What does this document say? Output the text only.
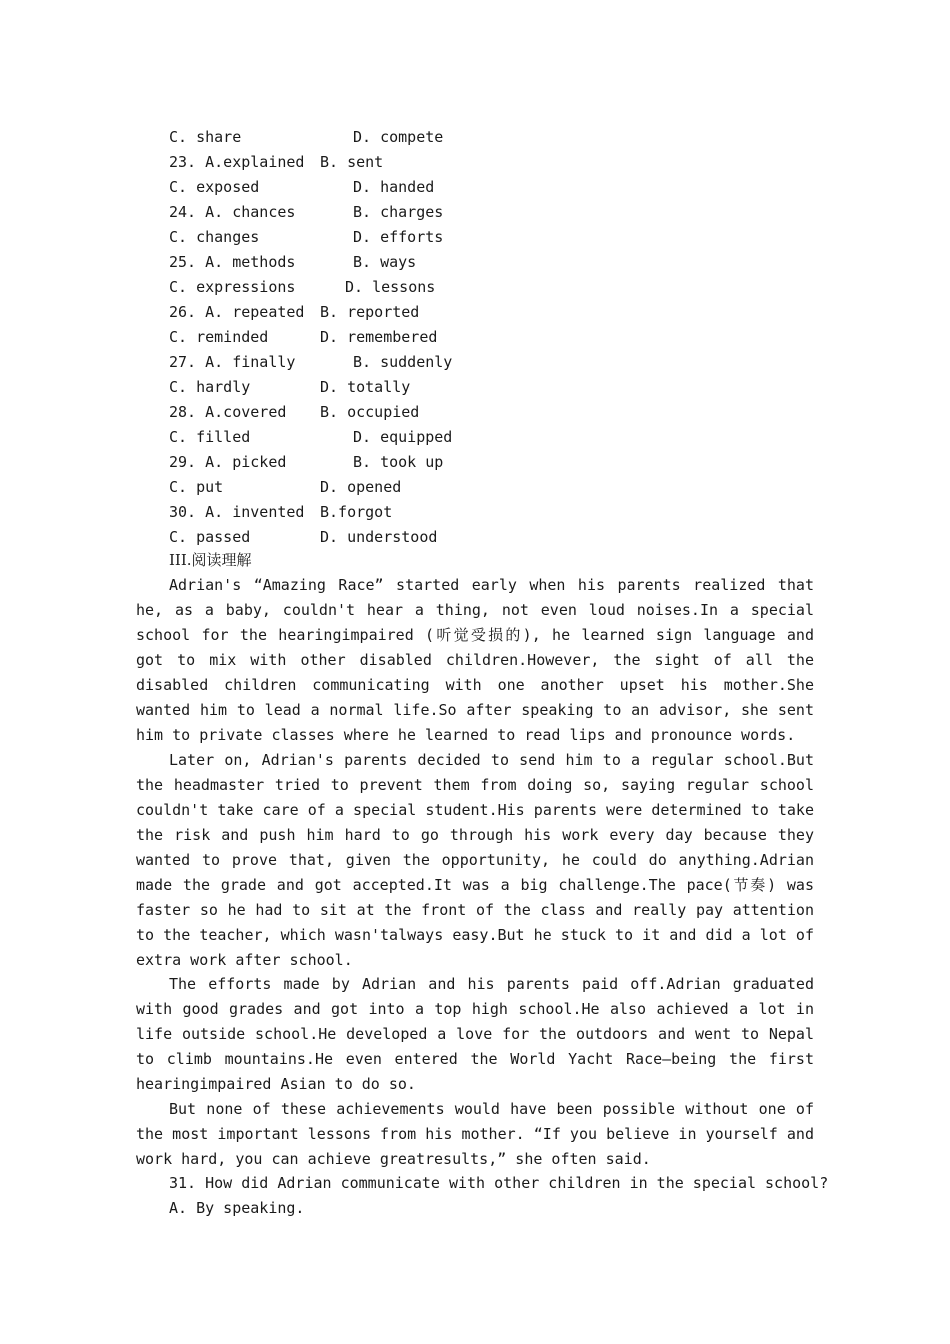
C. share	D. compete
23. A.explained B. sent
C. exposed	D. handed
24. A. chances	B. charges
C. changes	D. efforts
25. A. methods	B. ways
C. expressions	D. lessons
26. A. repeated B. reported
C. reminded	D. remembered
27. A. finally	B. suddenly
C. hardly	D. totally
28. A.covered B. occupied
C. filled	D. equipped
29. A. picked	B. took up
C. put	D. opened
30. A. invented B.forgot
C. passed	D. understood
III.阅读理解

Adrian's “Amazing Race” started early when his parents realized that he, as a baby, couldn't hear a thing, not even loud noises.In a special school for the hearingimpaired (听觉受损的), he learned sign language and got to mix with other disabled children.However, the sight of all the disabled children communicating with one another upset his mother.She wanted him to lead a normal life.So after speaking to an advisor, she sent him to private classes where he learned to read lips and pronounce words.

Later on, Adrian's parents decided to send him to a regular school.But the headmaster tried to prevent them from doing so, saying regular school couldn't take care of a special student.His parents were determined to take the risk and push him hard to go through his work every day because they wanted to prove that, given the opportunity, he could do anything.Adrian made the grade and got accepted.It was a big challenge.The pace(节奏) was faster so he had to sit at the front of the class and really pay attention to the teacher, which wasn'talways easy.But he stuck to it and did a lot of extra work after school.

The efforts made by Adrian and his parents paid off.Adrian graduated with good grades and got into a top high school.He also achieved a lot in life outside school.He developed a love for the outdoors and went to Nepal to climb mountains.He even entered the World Yacht Race—being the first hearingimpaired Asian to do so.

But none of these achievements would have been possible without one of the most important lessons from his mother. “If you believe in yourself and work hard, you can achieve greatresults,” she often said.

31. How did Adrian communicate with other children in the special school?
A. By speaking.
